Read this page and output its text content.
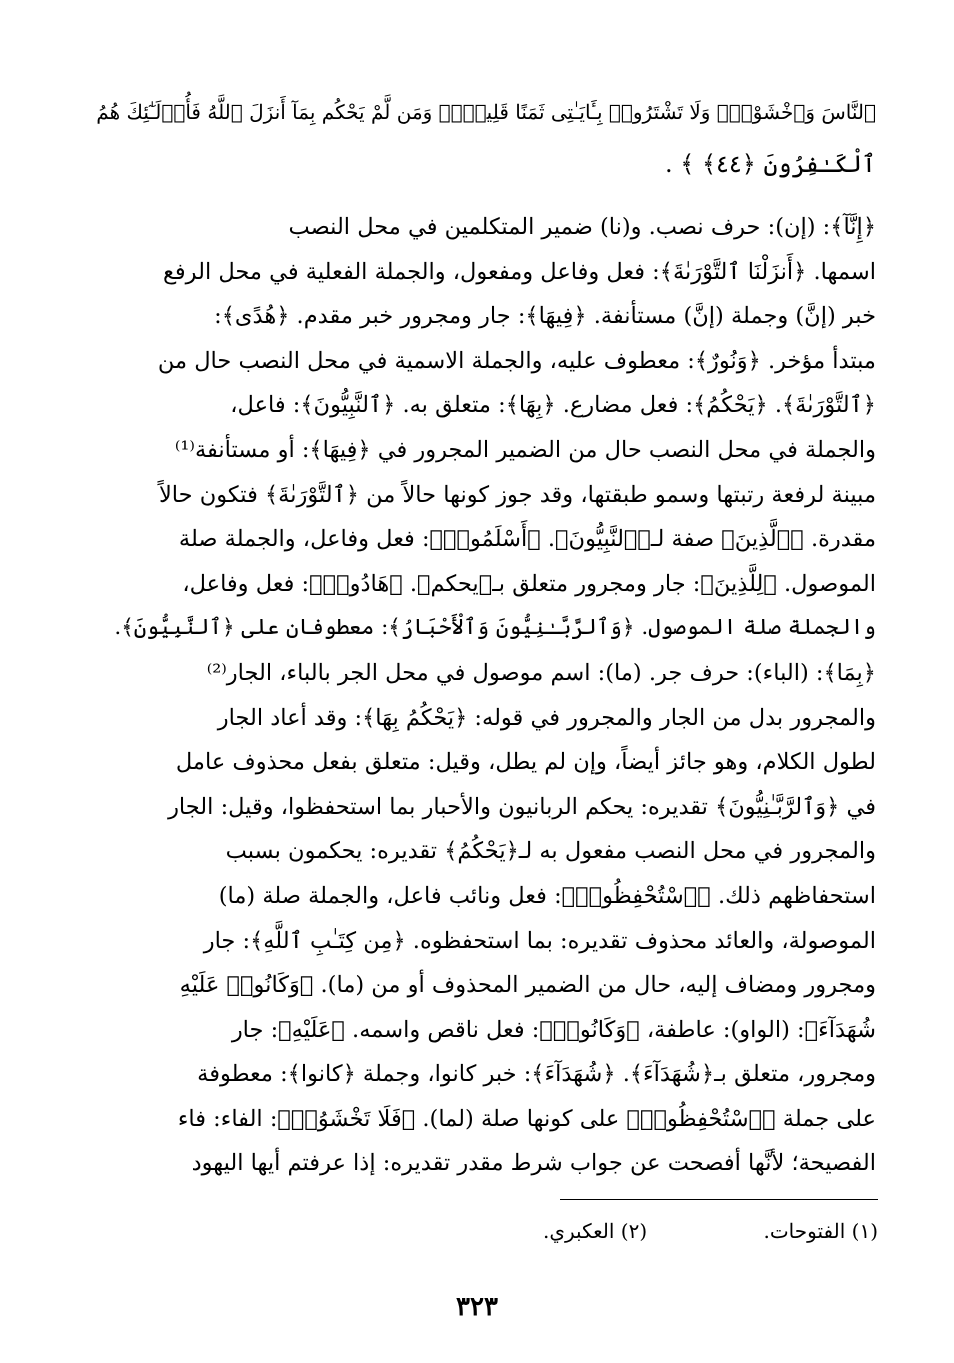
ٱلنَّاسَ وَٱخْشَوْنِۚ وَلَا تَشْتَرُوا۟ بِـَٔايَـٰتِى ثَمَنًا قَلِيلًاۚ وَمَن لَّمْ يَحْكُم بِمَآ أَنزَلَ ٱللَّهُ فَأُو۟لَـٰٓئِكَ هُمُ
ٱلْكَـٰفِرُونَ ﴿٤٤﴾ ﴾ .
﴿إِنَّآ﴾: (إن): حرف نصب. و(نا) ضمير المتكلمين في محل النصب
اسمها. ﴿أَنزَلْنَا ٱلتَّوْرَىٰةَ﴾: فعل وفاعل ومفعول، والجملة الفعلية في محل الرفع
خبر (إنَّ) وجملة (إنَّ) مستأنفة. ﴿فِيهَا﴾: جار ومجرور خبر مقدم. ﴿هُدًى﴾:
مبتدأ مؤخر. ﴿وَنُورٌ﴾: معطوف عليه، والجملة الاسمية في محل النصب حال من
﴿ٱلتَّوْرَىٰةَ﴾. ﴿يَحْكُمُ﴾: فعل مضارع. ﴿بِهَا﴾: متعلق به. ﴿ٱلنَّبِيُّونَ﴾: فاعل،
والجملة في محل النصب حال من الضمير المجرور في ﴿فِيهَا﴾: أو مستأنفة⁽¹⁾
مبينة لرفعة رتبتها وسمو طبقتها، وقد جوز كونها حالاً من ﴿ٱلتَّوْرَىٰةَ﴾ فتكون حالاً
مقدرة. ﴿ٱلَّذِينَ﴾ صفة لـ﴿ٱلنَّبِيُّونَ﴾. ﴿أَسْلَمُوا۟﴾: فعل وفاعل، والجملة صلة
الموصول. ﴿لِلَّذِينَ﴾: جار ومجرور متعلق بـ﴿يحكم﴾. ﴿هَادُوا۟﴾: فعل وفاعل،
والجملة صلة الموصول. ﴿وَٱلرَّبَّـٰنِيُّونَ وَٱلْأَحْبَارُ﴾: معطوفان على ﴿ٱلنَّبِيُّونَ﴾.
﴿بِمَا﴾: (الباء): حرف جر. (ما): اسم موصول في محل الجر بالباء، الجار⁽²⁾
والمجرور بدل من الجار والمجرور في قوله: ﴿يَحْكُمُ بِهَا﴾: وقد أعاد الجار
لطول الكلام، وهو جائز أيضاً، وإن لم يطل، وقيل: متعلق بفعل محذوف عامل
في ﴿وَٱلرَّبَّـٰنِيُّونَ﴾ تقديره: يحكم الربانيون والأحبار بما استحفظوا، وقيل: الجار
والمجرور في محل النصب مفعول به لـ﴿يَحْكُمُ﴾ تقديره: يحكمون بسبب
استحفاظهم ذلك. ﴿ٱسْتُحْفِظُوا۟﴾: فعل ونائب فاعل، والجملة صلة (ما)
الموصولة، والعائد محذوف تقديره: بما استحفظوه. ﴿مِن كِتَـٰبِ ٱللَّهِ﴾: جار
ومجرور ومضاف إليه، حال من الضمير المحذوف أو من (ما). ﴿وَكَانُوا۟ عَلَيْهِ
شُهَدَآءَ﴾: (الواو): عاطفة، ﴿وَكَانُوا۟﴾: فعل ناقص واسمه. ﴿عَلَيْهِ﴾: جار
ومجرور، متعلق بـ﴿شُهَدَآءَ﴾. ﴿شُهَدَآءَ﴾: خبر كانوا، وجملة ﴿كانوا﴾: معطوفة
على جملة ﴿ٱسْتُحْفِظُوا۟﴾ على كونها صلة (لما). ﴿فَلَا تَخْشَوُا۟﴾: الفاء: فاء
الفصيحة؛ لأنَّها أفصحت عن جواب شرط مقدر تقديره: إذا عرفتم أيها اليهود
(١) الفتوحات. (٢) العكبري.
٣٢٣
